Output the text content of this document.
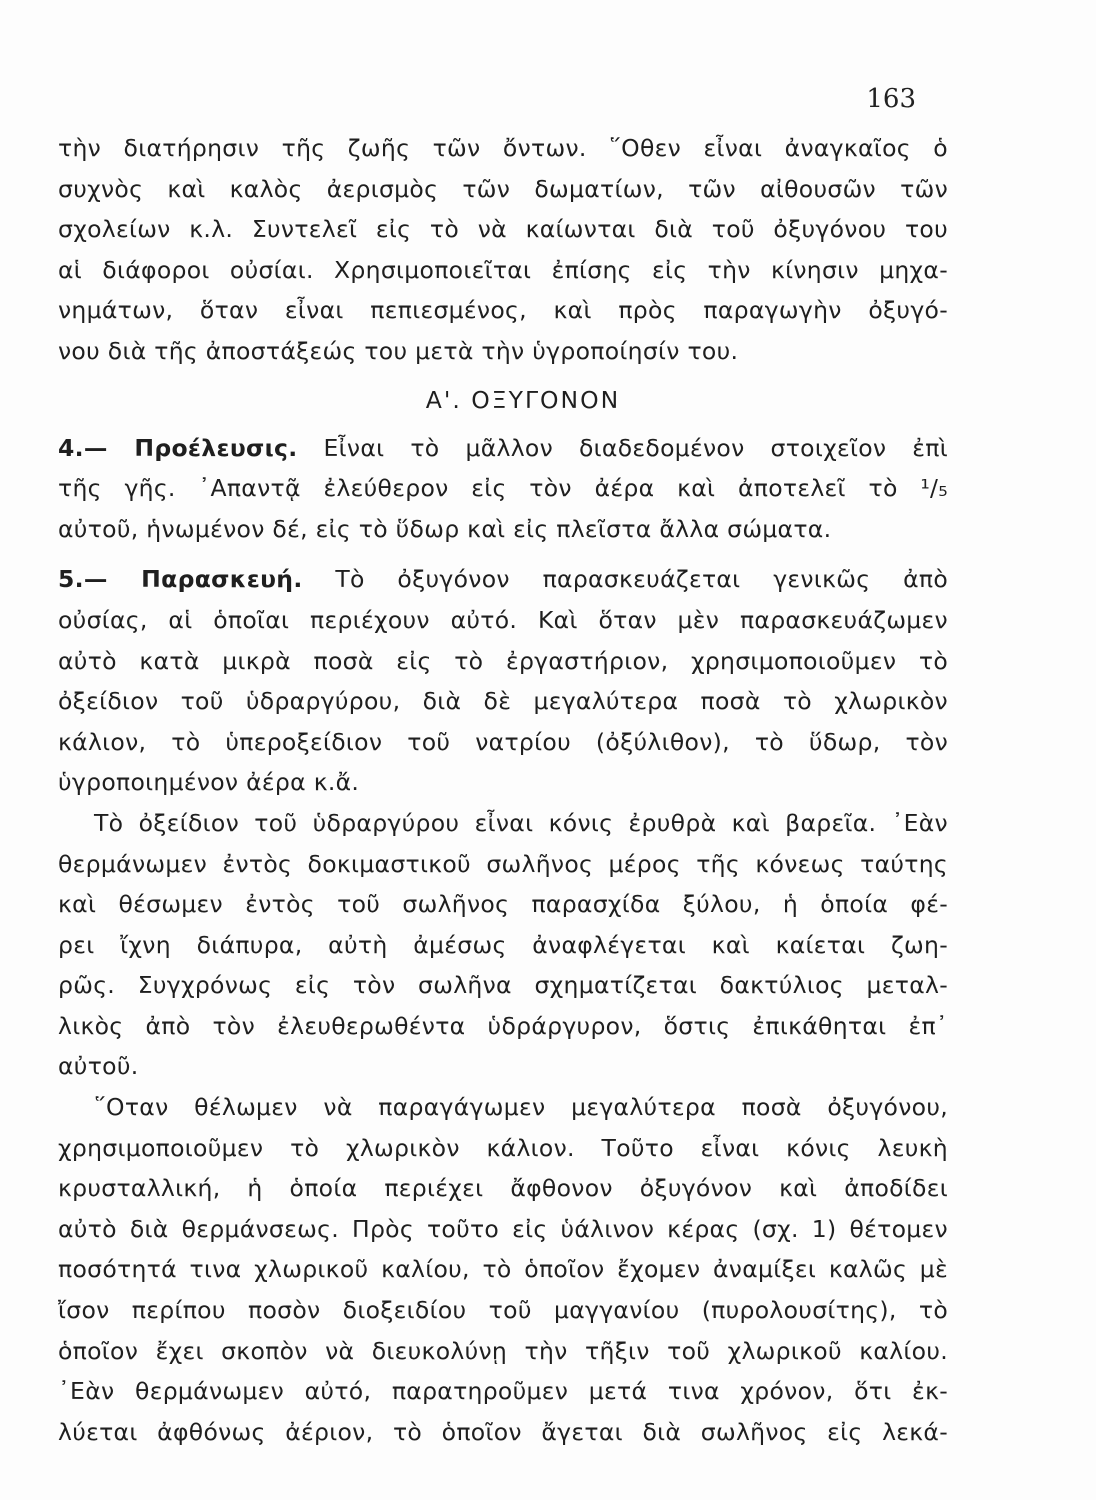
163
τὴν διατήρησιν τῆς ζωῆς τῶν ὄντων. ῞Οθεν εἶναι ἀναγκαῖος ὁ
συχνὸς καὶ καλὸς ἀερισμὸς τῶν δωματίων, τῶν αἰθουσῶν τῶν
σχολείων κ.λ. Συντελεῖ εἰς τὸ νὰ καίωνται διὰ τοῦ ὀξυγόνου του
αἱ διάφοροι οὐσίαι. Χρησιμοποιεῖται ἐπίσης εἰς τὴν κίνησιν μηχα-
νημάτων, ὅταν εἶναι πεπιεσμένος, καὶ πρὸς παραγωγὴν ὀξυγό-
νου διὰ τῆς ἀποστάξεώς του μετὰ τὴν ὑγροποίησίν του.
Α'. ΟΞΥΓΟΝΟΝ
4.— Προέλευσις. Εἶναι τὸ μᾶλλον διαδεδομένον στοιχεῖον ἐπὶ
τῆς γῆς. ᾿Απαντᾷ ἐλεύθερον εἰς τὸν ἀέρα καὶ ἀποτελεῖ τὸ ¹/₅
αὐτοῦ, ἡνωμένον δέ, εἰς τὸ ὕδωρ καὶ εἰς πλεῖστα ἄλλα σώματα.
5.— Παρασκευή. Τὸ ὀξυγόνον παρασκευάζεται γενικῶς ἀπὸ
οὐσίας, αἱ ὁποῖαι περιέχουν αὐτό. Καὶ ὅταν μὲν παρασκευάζωμεν
αὐτὸ κατὰ μικρὰ ποσὰ εἰς τὸ ἐργαστήριον, χρησιμοποιοῦμεν τὸ
ὀξείδιον τοῦ ὑδραργύρου, διὰ δὲ μεγαλύτερα ποσὰ τὸ χλωρικὸν
κάλιον, τὸ ὑπεροξείδιον τοῦ νατρίου (ὀξύλιθον), τὸ ὕδωρ, τὸν
ὑγροποιημένον ἀέρα κ.ἄ.
Τὸ ὀξείδιον τοῦ ὑδραργύρου εἶναι κόνις ἐρυθρὰ καὶ βαρεῖα. ᾿Εὰν
θερμάνωμεν ἐντὸς δοκιμαστικοῦ σωλῆνος μέρος τῆς κόνεως ταύτης
καὶ θέσωμεν ἐντὸς τοῦ σωλῆνος παρασχίδα ξύλου, ἡ ὁποία φέ-
ρει ἴχνη διάπυρα, αὐτὴ ἀμέσως ἀναφλέγεται καὶ καίεται ζωη-
ρῶς. Συγχρόνως εἰς τὸν σωλῆνα σχηματίζεται δακτύλιος μεταλ-
λικὸς ἀπὸ τὸν ἐλευθερωθέντα ὑδράργυρον, ὅστις ἐπικάθηται ἐπ᾿
αὐτοῦ.
῞Οταν θέλωμεν νὰ παραγάγωμεν μεγαλύτερα ποσὰ ὀξυγόνου,
χρησιμοποιοῦμεν τὸ χλωρικὸν κάλιον. Τοῦτο εἶναι κόνις λευκὴ
κρυσταλλική, ἡ ὁποία περιέχει ἄφθονον ὀξυγόνον καὶ ἀποδίδει
αὐτὸ διὰ θερμάνσεως. Πρὸς τοῦτο εἰς ὑάλινον κέρας (σχ. 1) θέτομεν
ποσότητά τινα χλωρικοῦ καλίου, τὸ ὁποῖον ἔχομεν ἀναμίξει καλῶς μὲ
ἴσον περίπου ποσὸν διοξειδίου τοῦ μαγγανίου (πυρολουσίτης), τὸ
ὁποῖον ἔχει σκοπὸν νὰ διευκολύνῃ τὴν τῆξιν τοῦ χλωρικοῦ καλίου.
᾿Εὰν θερμάνωμεν αὐτό, παρατηροῦμεν μετά τινα χρόνον, ὅτι ἐκ-
λύεται ἀφθόνως ἀέριον, τὸ ὁποῖον ἄγεται διὰ σωλῆνος εἰς λεκά-
